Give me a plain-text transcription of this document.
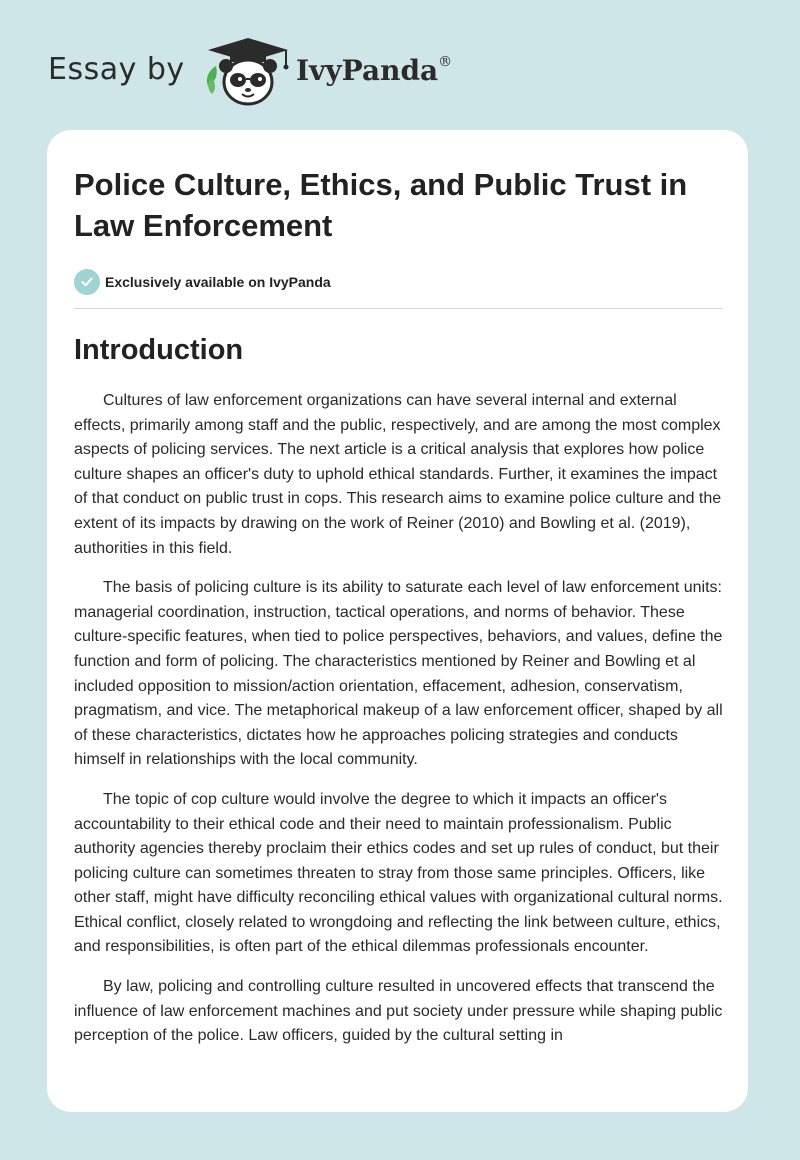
Essay by	IvyPanda®
Police Culture, Ethics, and Public Trust in Law Enforcement
Exclusively available on IvyPanda
Introduction

Cultures of law enforcement organizations can have several internal and external effects, primarily among staff and the public, respectively, and are among the most complex aspects of policing services. The next article is a critical analysis that explores how police culture shapes an officer's duty to uphold ethical standards. Further, it examines the impact of that conduct on public trust in cops. This research aims to examine police culture and the extent of its impacts by drawing on the work of Reiner (2010) and Bowling et al. (2019), authorities in this field.

The basis of policing culture is its ability to saturate each level of law enforcement units: managerial coordination, instruction, tactical operations, and norms of behavior. These culture-specific features, when tied to police perspectives, behaviors, and values, define the function and form of policing. The characteristics mentioned by Reiner and Bowling et al included opposition to mission/action orientation, effacement, adhesion, conservatism, pragmatism, and vice. The metaphorical makeup of a law enforcement officer, shaped by all of these characteristics, dictates how he approaches policing strategies and conducts himself in relationships with the local community.

The topic of cop culture would involve the degree to which it impacts an officer's accountability to their ethical code and their need to maintain professionalism. Public authority agencies thereby proclaim their ethics codes and set up rules of conduct, but their policing culture can sometimes threaten to stray from those same principles. Officers, like other staff, might have difficulty reconciling ethical values with organizational cultural norms. Ethical conflict, closely related to wrongdoing and reflecting the link between culture, ethics, and responsibilities, is often part of the ethical dilemmas professionals encounter.

By law, policing and controlling culture resulted in uncovered effects that transcend the influence of law enforcement machines and put society under pressure while shaping public perception of the police. Law officers, guided by the cultural setting in
